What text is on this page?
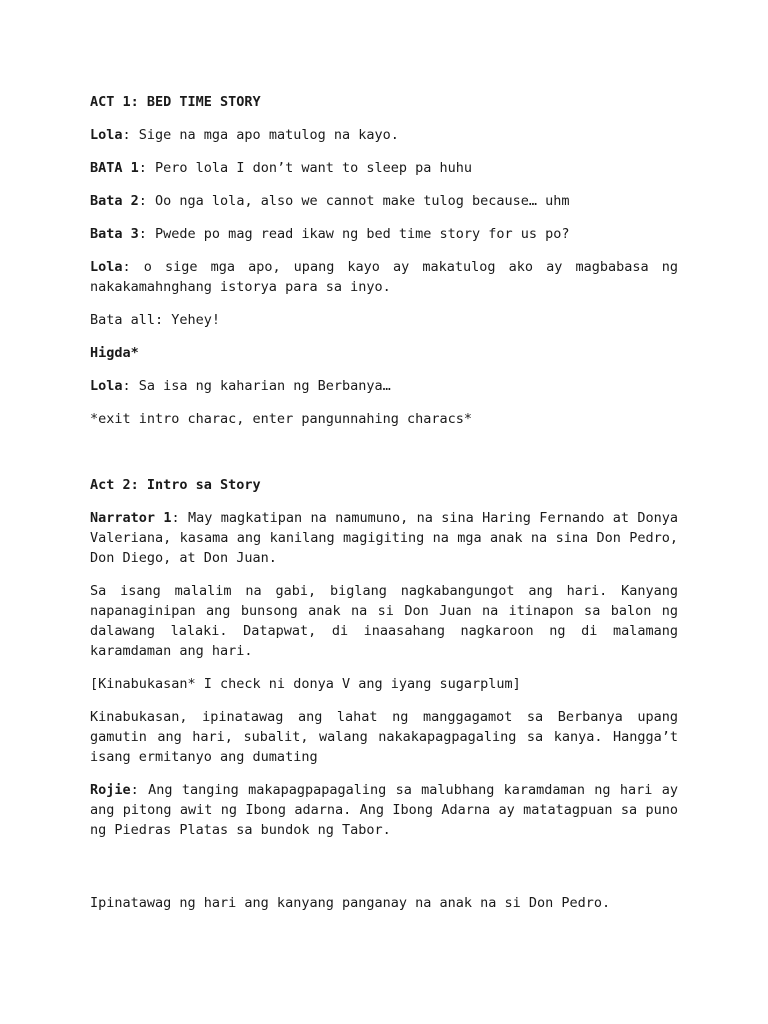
ACT 1: BED TIME STORY

Lola: Sige na mga apo matulog na kayo.

BATA 1: Pero lola I don’t want to sleep pa huhu

Bata 2: Oo nga lola, also we cannot make tulog because… uhm

Bata 3: Pwede po mag read ikaw ng bed time story for us po?

Lola: o sige mga apo, upang kayo ay makatulog ako ay magbabasa ng nakakamahnghang istorya para sa inyo.

Bata all: Yehey!

Higda*

Lola: Sa isa ng kaharian ng Berbanya…

*exit intro charac, enter pangunnahing characs*

Act 2: Intro sa Story

Narrator 1: May magkatipan na namumuno, na sina Haring Fernando at Donya Valeriana, kasama ang kanilang magigiting na mga anak na sina Don Pedro, Don Diego, at Don Juan.

Sa isang malalim na gabi, biglang nagkabangungot ang hari. Kanyang napanaginipan ang bunsong anak na si Don Juan na itinapon sa balon ng dalawang lalaki. Datapwat, di inaasahang nagkaroon ng di malamang karamdaman ang hari.

[Kinabukasan* I check ni donya V ang iyang sugarplum]

Kinabukasan, ipinatawag ang lahat ng manggagamot sa Berbanya upang gamutin ang hari, subalit, walang nakakapagpagaling sa kanya. Hangga’t isang ermitanyo ang dumating

Rojie: Ang tanging makapagpapagaling sa malubhang karamdaman ng hari ay ang pitong awit ng Ibong adarna. Ang Ibong Adarna ay matatagpuan sa puno ng Piedras Platas sa bundok ng Tabor.

Ipinatawag ng hari ang kanyang panganay na anak na si Don Pedro.
